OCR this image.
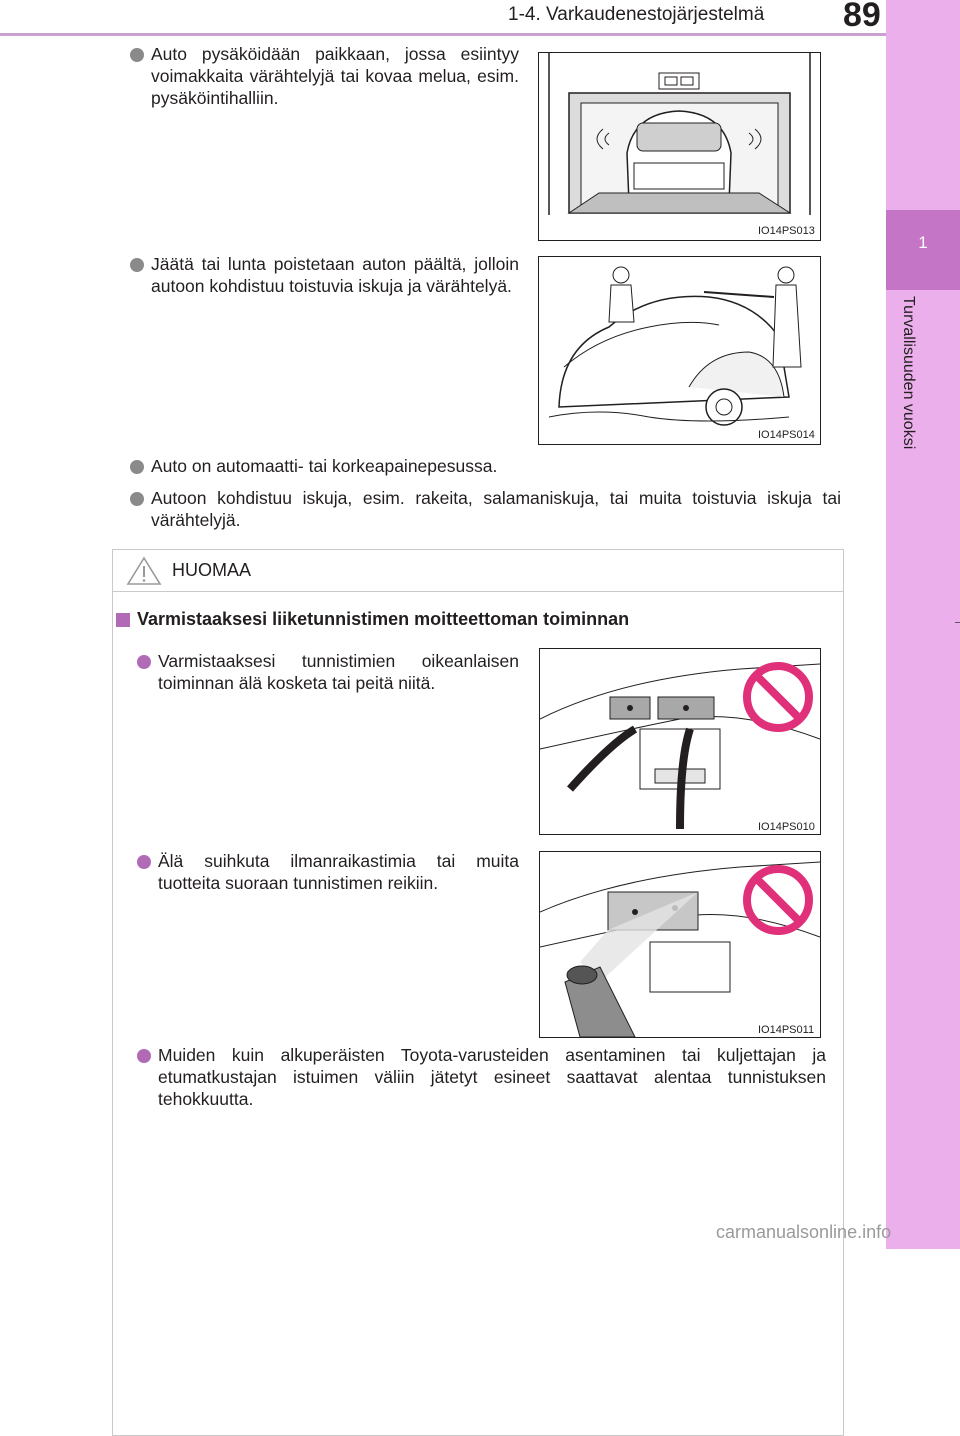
1-4. Varkaudenestojärjestelmä 89
1
Turvallisuuden vuoksi
Auto pysäköidään paikkaan, jossa esiintyy voimakkaita värähtelyjä tai kovaa melua, esim. pysäköintihalliin.
IO14PS013
Jäätä tai lunta poistetaan auton päältä, jolloin autoon kohdistuu toistuvia iskuja ja värähtelyä.
IO14PS014
Auto on automaatti- tai korkeapainepesussa.
Autoon kohdistuu iskuja, esim. rakeita, salamaniskuja, tai muita toistuvia iskuja tai värähtelyjä.
HUOMAA
Varmistaaksesi liiketunnistimen moitteettoman toiminnan
Varmistaaksesi tunnistimien oikeanlaisen toiminnan älä kosketa tai peitä niitä.
IO14PS010
Älä suihkuta ilmanraikastimia tai muita tuotteita suoraan tunnistimen reikiin.
IO14PS011
Muiden kuin alkuperäisten Toyota-varusteiden asentaminen tai kuljettajan ja etumatkustajan istuimen väliin jätetyt esineet saattavat alentaa tunnistuksen tehokkuutta.
carmanualsonline.info
